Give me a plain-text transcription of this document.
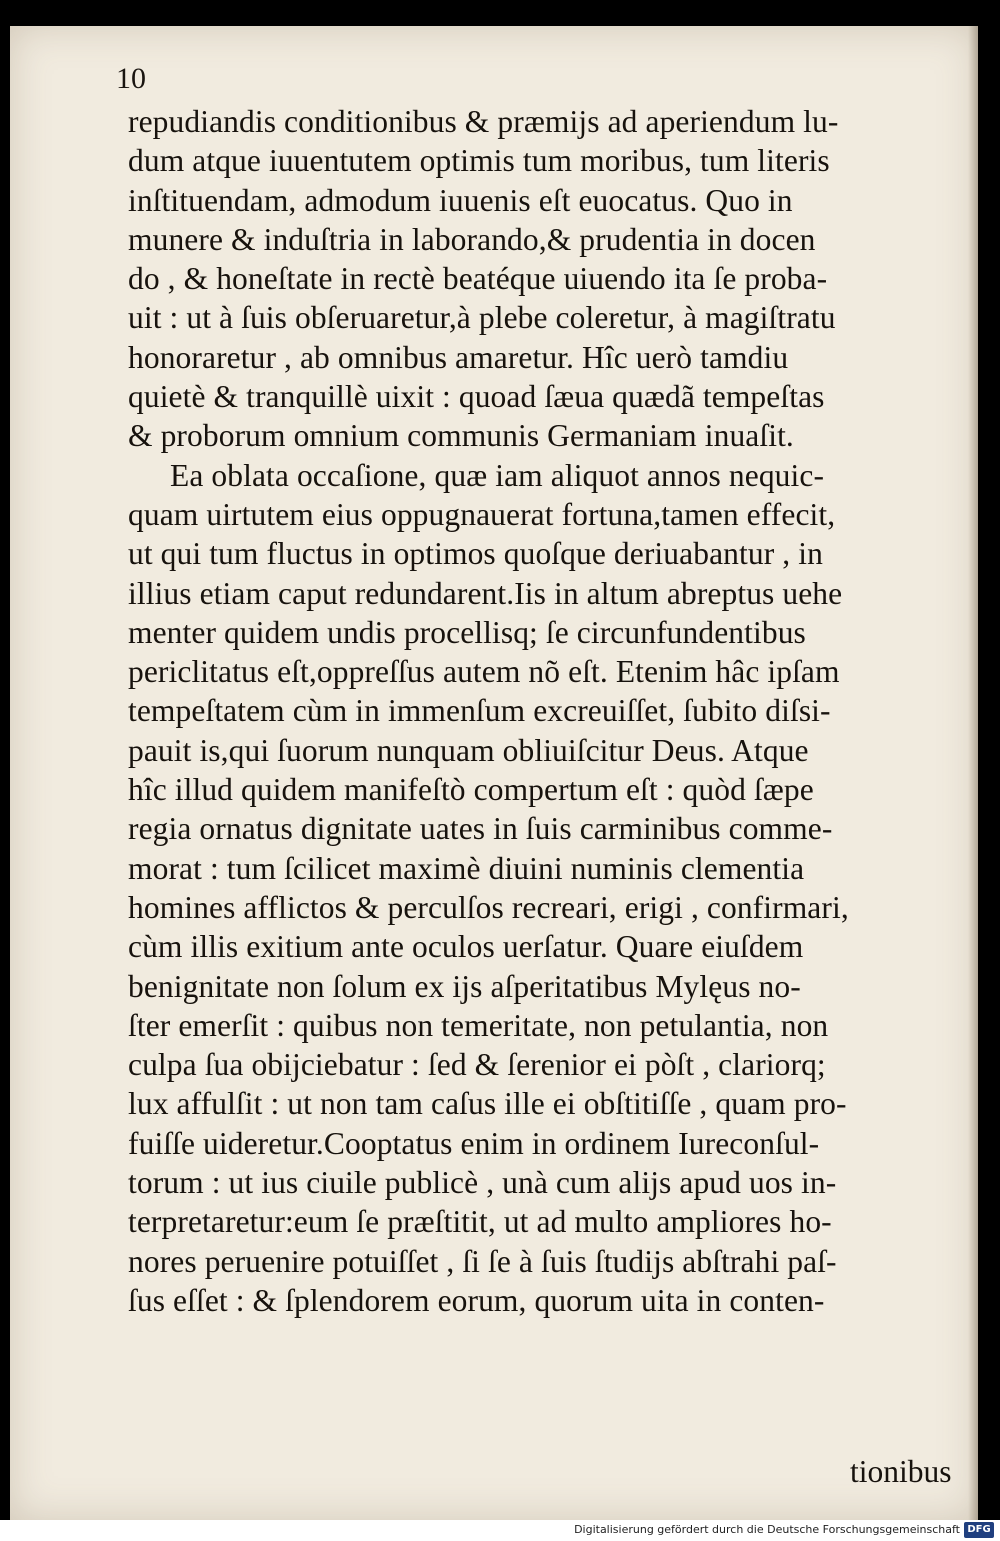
10
repudiandis conditionibus & præmijs ad aperiendum lu-
dum atque iuuentutem optimis tum moribus, tum literis
inſtituendam, admodum iuuenis eſt euocatus. Quo in
munere & induſtria in laborando,& prudentia in docen
do , & honeſtate in rectè beatéque uiuendo ita ſe proba-
uit : ut à ſuis obſeruaretur,à plebe coleretur, à magiſtratu
honoraretur , ab omnibus amaretur. Hîc uerò tamdiu
quietè & tranquillè uixit : quoad ſæua quædã tempeſtas
& proborum omnium communis Germaniam inuaſit.
Ea oblata occaſione, quæ iam aliquot annos nequic-
quam uirtutem eius oppugnauerat fortuna,tamen effecit,
ut qui tum fluctus in optimos quoſque deriuabantur , in
illius etiam caput redundarent.Iis in altum abreptus uehe
menter quidem undis procellisq; ſe circunfundentibus
periclitatus eſt,oppreſſus autem nõ eſt. Etenim hâc ipſam
tempeſtatem cùm in immenſum excreuiſſet, ſubito diſsi-
pauit is,qui ſuorum nunquam obliuiſcitur Deus. Atque
hîc illud quidem manifeſtò compertum eſt : quòd ſæpe
regia ornatus dignitate uates in ſuis carminibus comme-
morat : tum ſcilicet maximè diuini numinis clementia
homines afflictos & perculſos recreari, erigi , confirmari,
cùm illis exitium ante oculos uerſatur. Quare eiuſdem
benignitate non ſolum ex ijs aſperitatibus Mylęus no-
ſter emerſit : quibus non temeritate, non petulantia, non
culpa ſua obijciebatur : ſed & ſerenior ei pòſt , clariorq;
lux affulſit : ut non tam caſus ille ei obſtitiſſe , quam pro-
fuiſſe uideretur.Cooptatus enim in ordinem Iureconſul-
torum : ut ius ciuile publicè , unà cum alijs apud uos in-
terpretaretur:eum ſe præſtitit, ut ad multo ampliores ho-
nores peruenire potuiſſet , ſi ſe à ſuis ſtudijs abſtrahi paſ-
ſus eſſet : & ſplendorem eorum, quorum uita in conten-
tionibus
Digitalisierung gefördert durch die Deutsche Forschungsgemeinschaft DFG
